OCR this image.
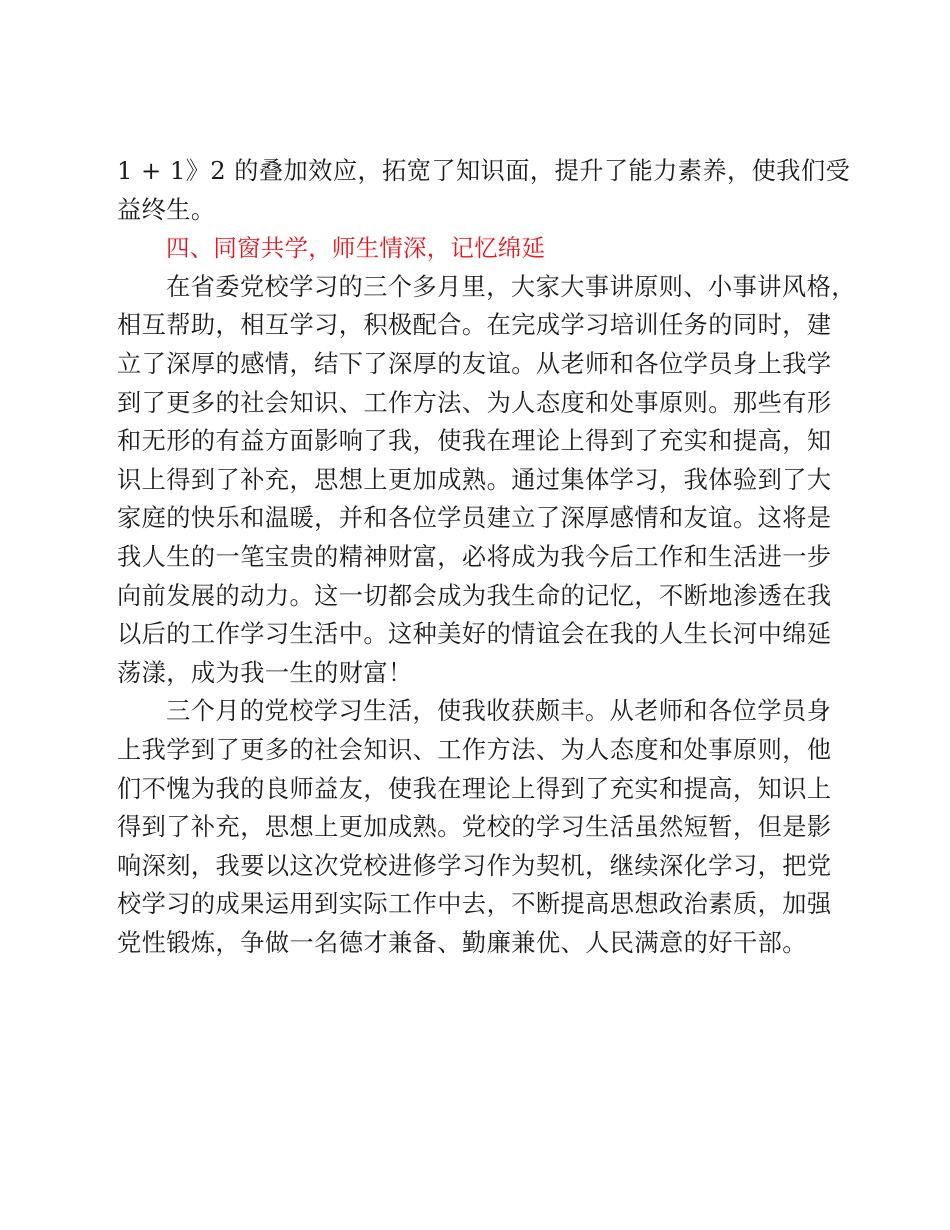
1 + 1》2 的叠加效应，拓宽了知识面，提升了能力素养，使我们受
益终生。
四、同窗共学，师生情深，记忆绵延
在省委党校学习的三个多月里，大家大事讲原则、小事讲风格，
相互帮助，相互学习，积极配合。在完成学习培训任务的同时，建
立了深厚的感情，结下了深厚的友谊。从老师和各位学员身上我学
到了更多的社会知识、工作方法、为人态度和处事原则。那些有形
和无形的有益方面影响了我，使我在理论上得到了充实和提高，知
识上得到了补充，思想上更加成熟。通过集体学习，我体验到了大
家庭的快乐和温暖，并和各位学员建立了深厚感情和友谊。这将是
我人生的一笔宝贵的精神财富，必将成为我今后工作和生活进一步
向前发展的动力。这一切都会成为我生命的记忆，不断地渗透在我
以后的工作学习生活中。这种美好的情谊会在我的人生长河中绵延
荡漾，成为我一生的财富！
三个月的党校学习生活，使我收获颇丰。从老师和各位学员身
上我学到了更多的社会知识、工作方法、为人态度和处事原则，他
们不愧为我的良师益友，使我在理论上得到了充实和提高，知识上
得到了补充，思想上更加成熟。党校的学习生活虽然短暂，但是影
响深刻，我要以这次党校进修学习作为契机，继续深化学习，把党
校学习的成果运用到实际工作中去，不断提高思想政治素质，加强
党性锻炼，争做一名德才兼备、勤廉兼优、人民满意的好干部。
